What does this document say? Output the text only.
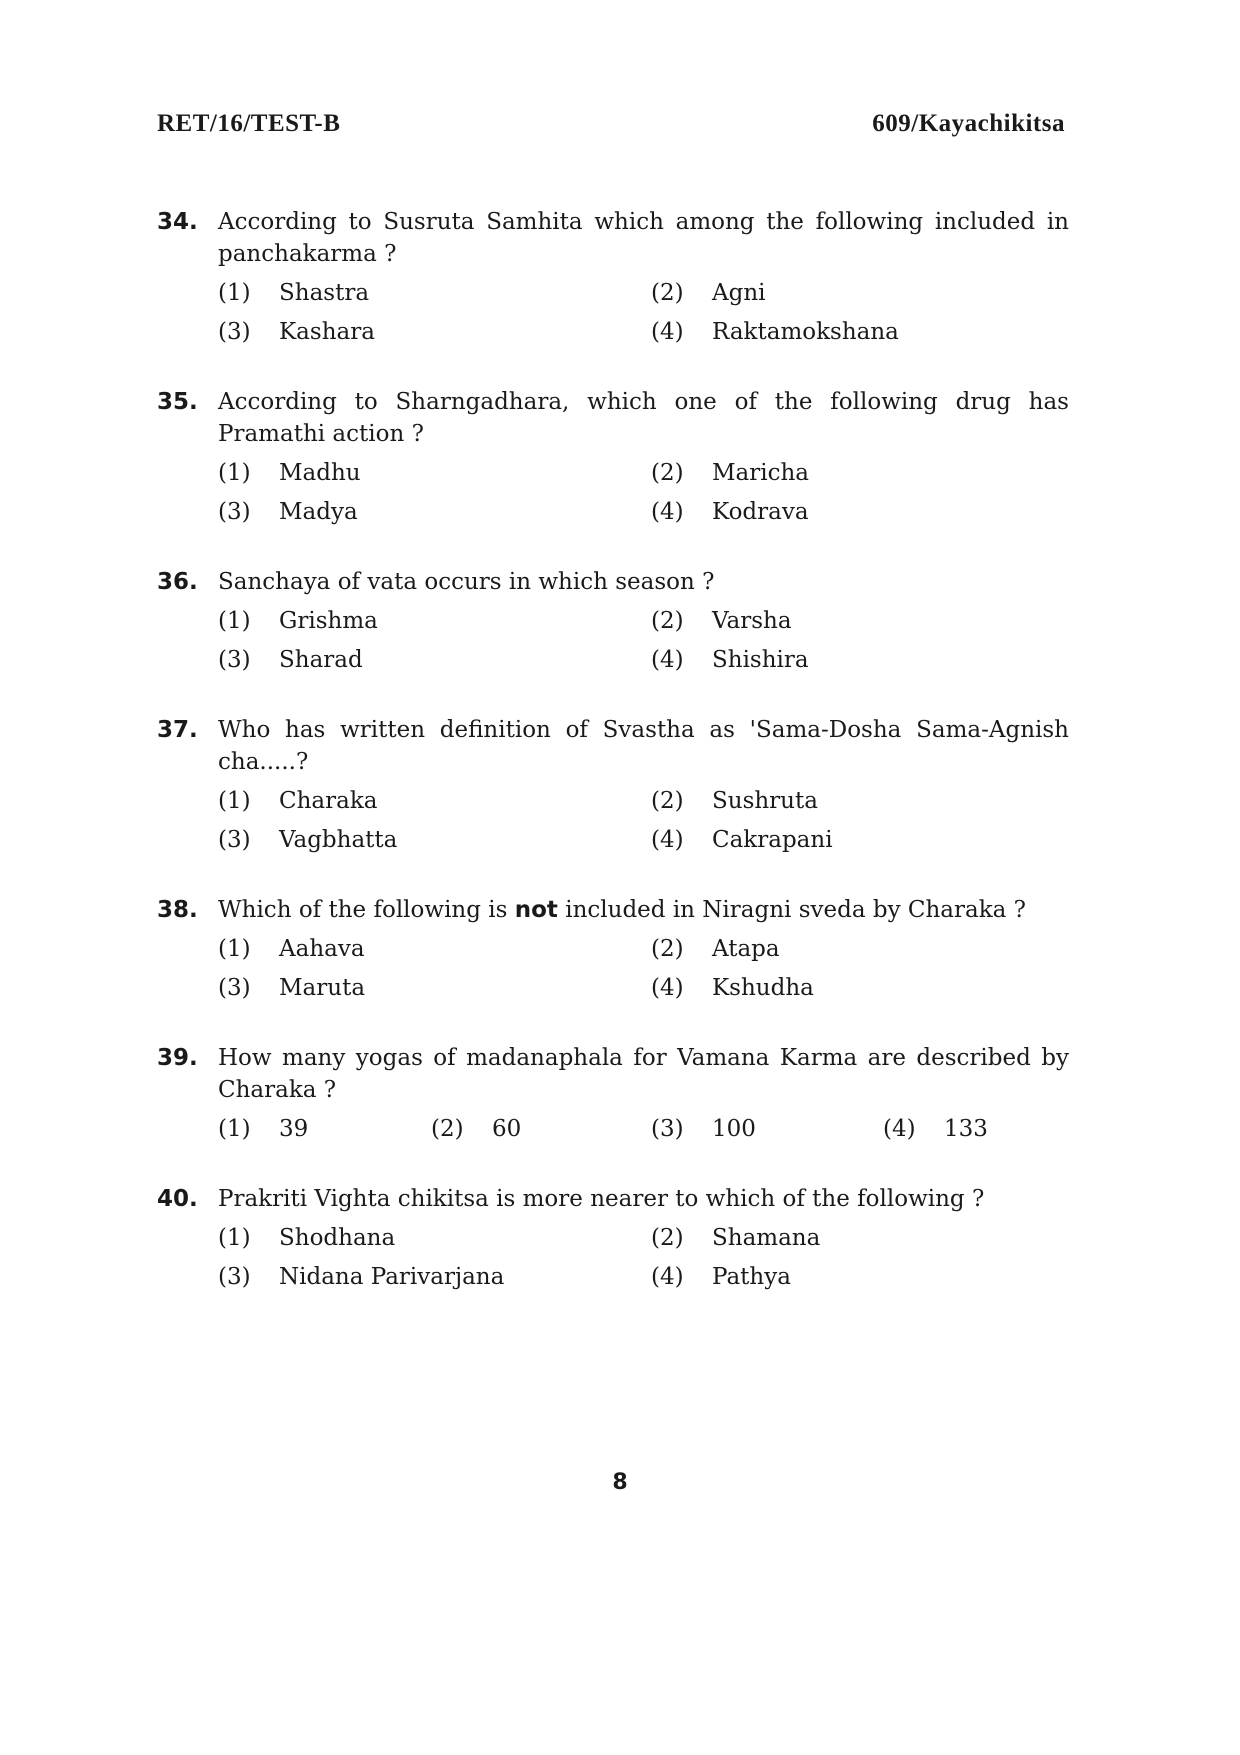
RET/16/TEST-B	609/Kayachikitsa
34. According to Susruta Samhita which among the following included in panchakarma ?
(1)	Shastra	(2)	Agni
(3)	Kashara	(4)	Raktamokshana
35. According to Sharngadhara, which one of the following drug has Pramathi action ?
(1)	Madhu	(2)	Maricha
(3)	Madya	(4)	Kodrava
36. Sanchaya of vata occurs in which season ?
(1)	Grishma	(2)	Varsha
(3)	Sharad	(4)	Shishira
37. Who has written definition of Svastha as 'Sama-Dosha Sama-Agnish cha.....?
(1)	Charaka	(2)	Sushruta
(3)	Vagbhatta	(4)	Cakrapani
38. Which of the following is not included in Niragni sveda by Charaka ?
(1)	Aahava	(2)	Atapa
(3)	Maruta	(4)	Kshudha
39. How many yogas of madanaphala for Vamana Karma are described by Charaka ?
(1)	39	(2)	60	(3)	100	(4)	133
40. Prakriti Vighta chikitsa is more nearer to which of the following ?
(1)	Shodhana	(2)	Shamana
(3)	Nidana Parivarjana	(4)	Pathya
8
